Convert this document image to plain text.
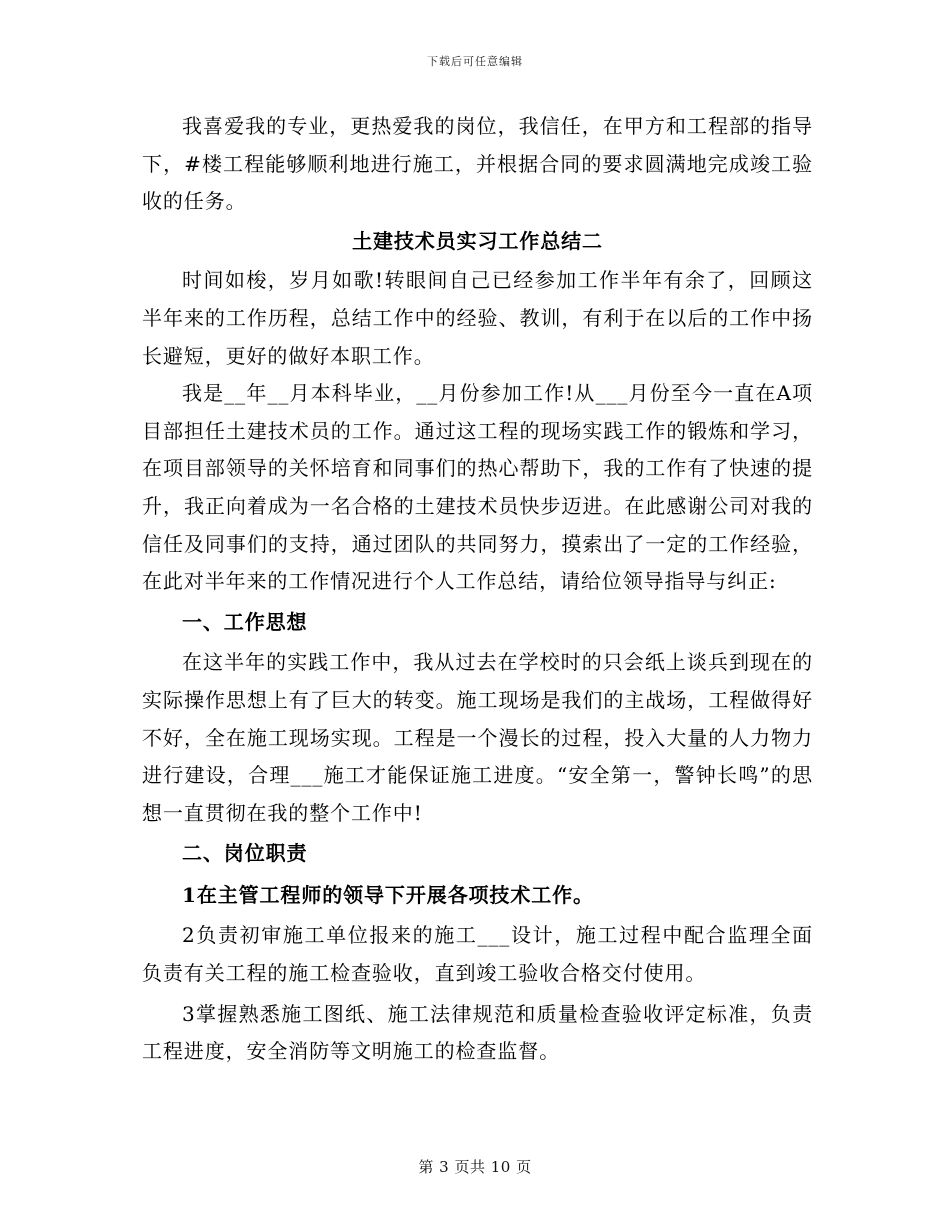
下载后可任意编辑

我喜爱我的专业，更热爱我的岗位，我信任，在甲方和工程部的指导下，#楼工程能够顺利地进行施工，并根据合同的要求圆满地完成竣工验收的任务。

土建技术员实习工作总结二

时间如梭，岁月如歌!转眼间自己已经参加工作半年有余了，回顾这半年来的工作历程，总结工作中的经验、教训，有利于在以后的工作中扬长避短，更好的做好本职工作。

我是__年__月本科毕业，__月份参加工作!从___月份至今一直在A项目部担任土建技术员的工作。通过这工程的现场实践工作的锻炼和学习，在项目部领导的关怀培育和同事们的热心帮助下，我的工作有了快速的提升，我正向着成为一名合格的土建技术员快步迈进。在此感谢公司对我的信任及同事们的支持，通过团队的共同努力，摸索出了一定的工作经验，在此对半年来的工作情况进行个人工作总结，请给位领导指导与纠正:

一、工作思想

在这半年的实践工作中，我从过去在学校时的只会纸上谈兵到现在的实际操作思想上有了巨大的转变。施工现场是我们的主战场，工程做得好不好，全在施工现场实现。工程是一个漫长的过程，投入大量的人力物力进行建设，合理___施工才能保证施工进度。“安全第一，警钟长鸣”的思想一直贯彻在我的整个工作中!

二、岗位职责

1在主管工程师的领导下开展各项技术工作。

2负责初审施工单位报来的施工___设计，施工过程中配合监理全面负责有关工程的施工检查验收，直到竣工验收合格交付使用。

3掌握熟悉施工图纸、施工法律规范和质量检查验收评定标准，负责工程进度，安全消防等文明施工的检查监督。

第 3 页共 10 页
